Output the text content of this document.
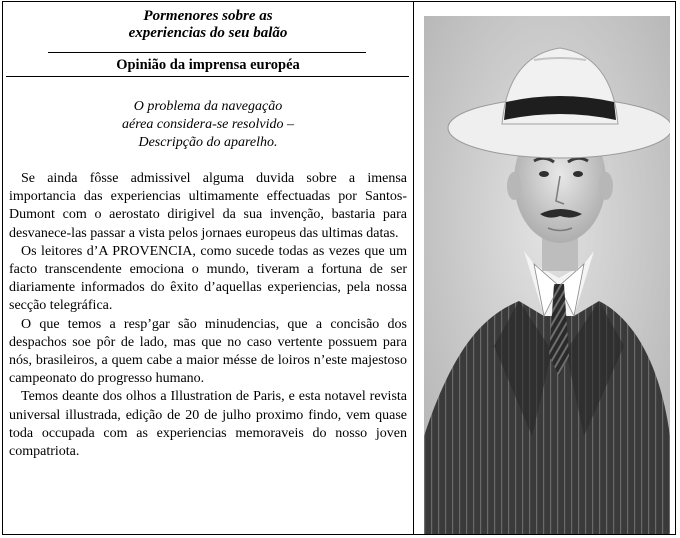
Pormenores sobre as
experiencias do seu balão
Opinião da imprensa européa
O problema da navegação
aérea considera-se resolvido –
Descripção do aparelho.

Se ainda fôsse admissivel alguma duvida sobre a imensa importancia das experiencias ultimamente effectuadas por Santos-Dumont com o aerostato dirigivel da sua invenção, bastaria para desvanece-las passar a vista pelos jornaes europeus das ultimas datas.

Os leitores d’A PROVENCIA, como sucede todas as vezes que um facto transcendente emociona o mundo, tiveram a fortuna de ser diariamente informados do êxito d’aquellas experiencias, pela nossa secção telegráfica.

O que temos a resp’gar são minudencias, que a concisão dos despachos soe pôr de lado, mas que no caso vertente possuem para nós, brasileiros, a quem cabe a maior mésse de loiros n’este majestoso campeonato do progresso humano.

Temos deante dos olhos a Illustration de Paris, e esta notavel revista universal illustrada, edição de 20 de julho proximo findo, vem quase toda occupada com as experiencias memoraveis do nosso joven compatriota.
